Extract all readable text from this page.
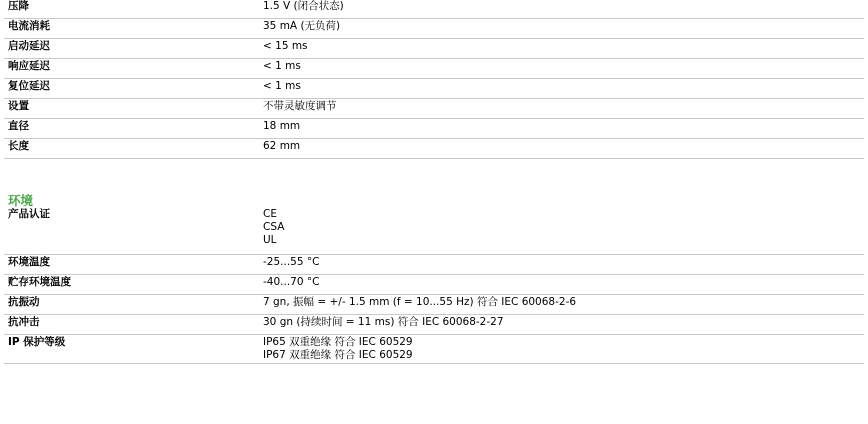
压降	1.5 V (闭合状态)
电流消耗	35 mA (无负荷)
启动延迟	< 15 ms
响应延迟	< 1 ms
复位延迟	< 1 ms
设置	不带灵敏度调节
直径	18 mm
长度	62 mm
环境
产品认证	CE
CSA
UL

环境温度	-25...55 °C
贮存环境温度	-40...70 °C
抗振动	7 gn, 振幅 = +/- 1.5 mm (f = 10...55 Hz) 符合 IEC 60068-2-6
抗冲击	30 gn (持续时间 = 11 ms) 符合 IEC 60068-2-27
IP 保护等级	IP65 双重绝缘 符合 IEC 60529
IP67 双重绝缘 符合 IEC 60529
